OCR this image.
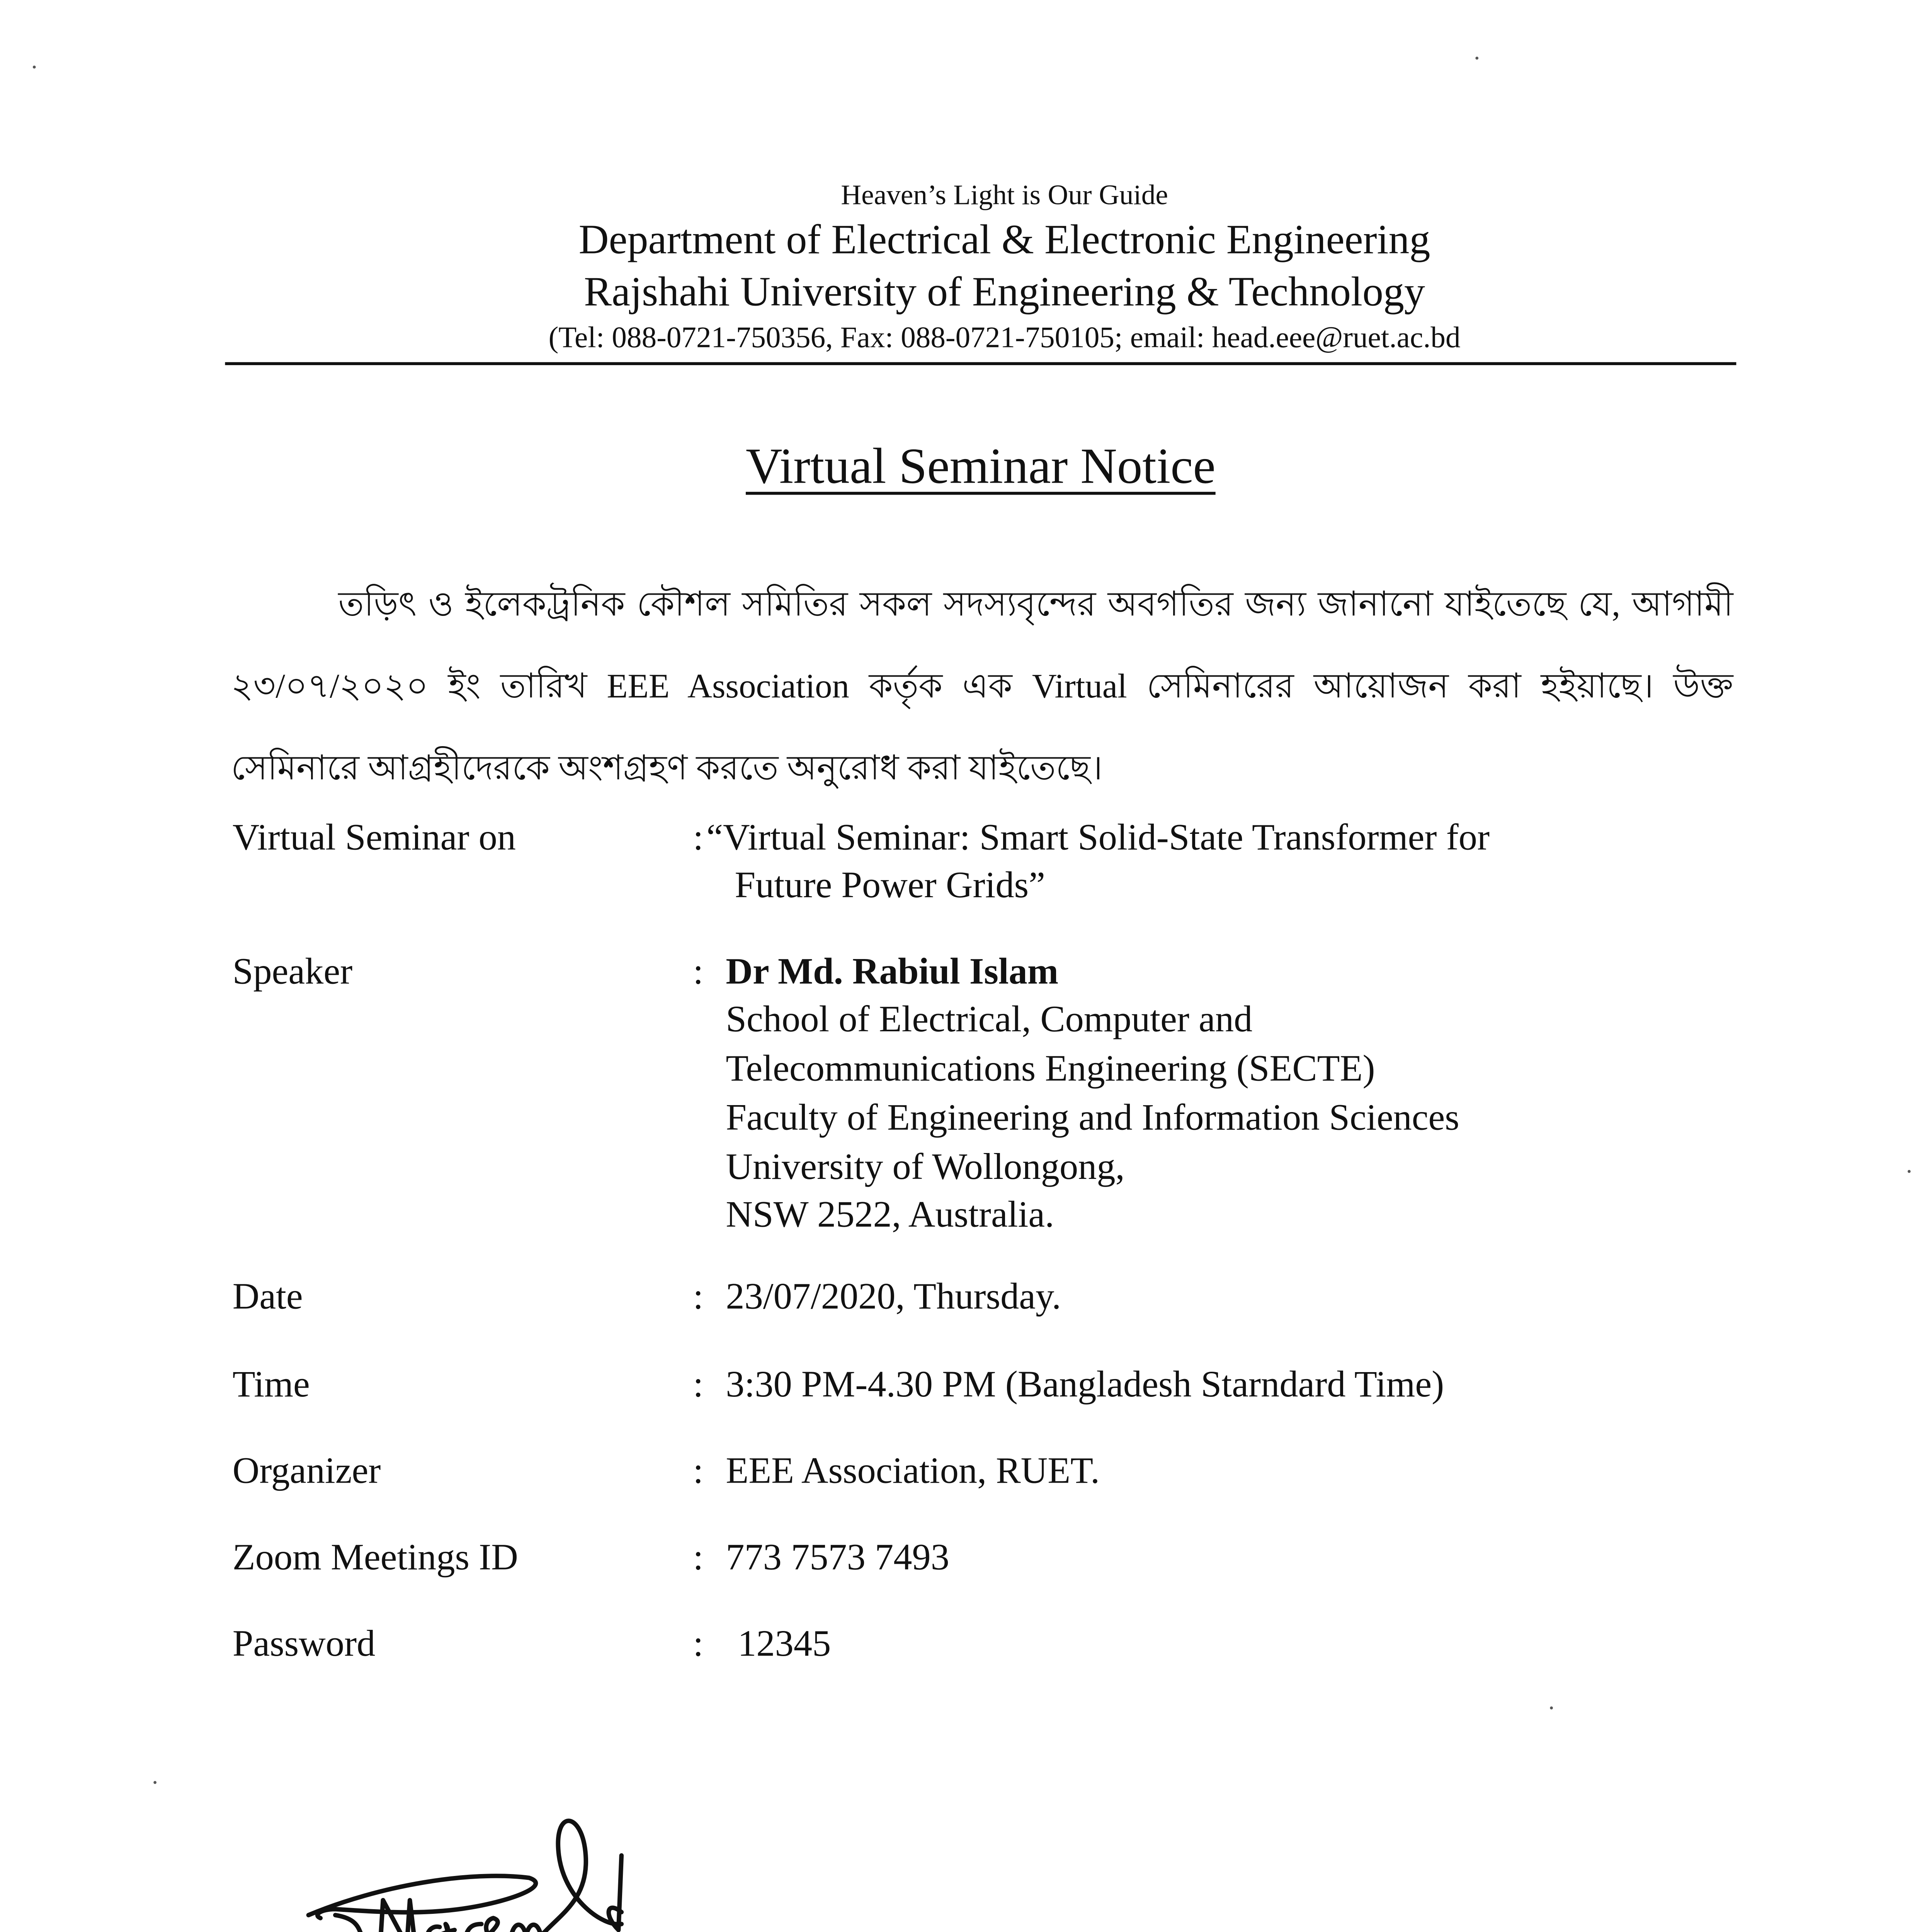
Heaven’s Light is Our Guide
Department of Electrical & Electronic Engineering
Rajshahi University of Engineering & Technology
(Tel: 088-0721-750356, Fax: 088-0721-750105; email: head.eee@ruet.ac.bd
Virtual Seminar Notice
তড়িৎ ও ইলেকট্রনিক কৌশল সমিতির সকল সদস্যবৃন্দের অবগতির জন্য জানানো যাইতেছে যে, আগামী ২৩/০৭/২০২০ ইং তারিখ EEE Association কর্তৃক এক Virtual সেমিনারের আয়োজন করা হইয়াছে। উক্ত সেমিনারে আগ্রহীদেরকে অংশগ্রহণ করতে অনুরোধ করা যাইতেছে।
Virtual Seminar on	: “Virtual Seminar: Smart Solid-State Transformer for
Future Power Grids”
Speaker	: Dr Md. Rabiul Islam
School of Electrical, Computer and
Telecommunications Engineering (SECTE)
Faculty of Engineering and Information Sciences
University of Wollongong,
NSW 2522, Australia.
Date	: 23/07/2020, Thursday.
Time	: 3:30 PM-4.30 PM (Bangladesh Starndard Time)
Organizer	: EEE Association, RUET.
Zoom Meetings ID	: 773 7573 7493
Password	:	12345
